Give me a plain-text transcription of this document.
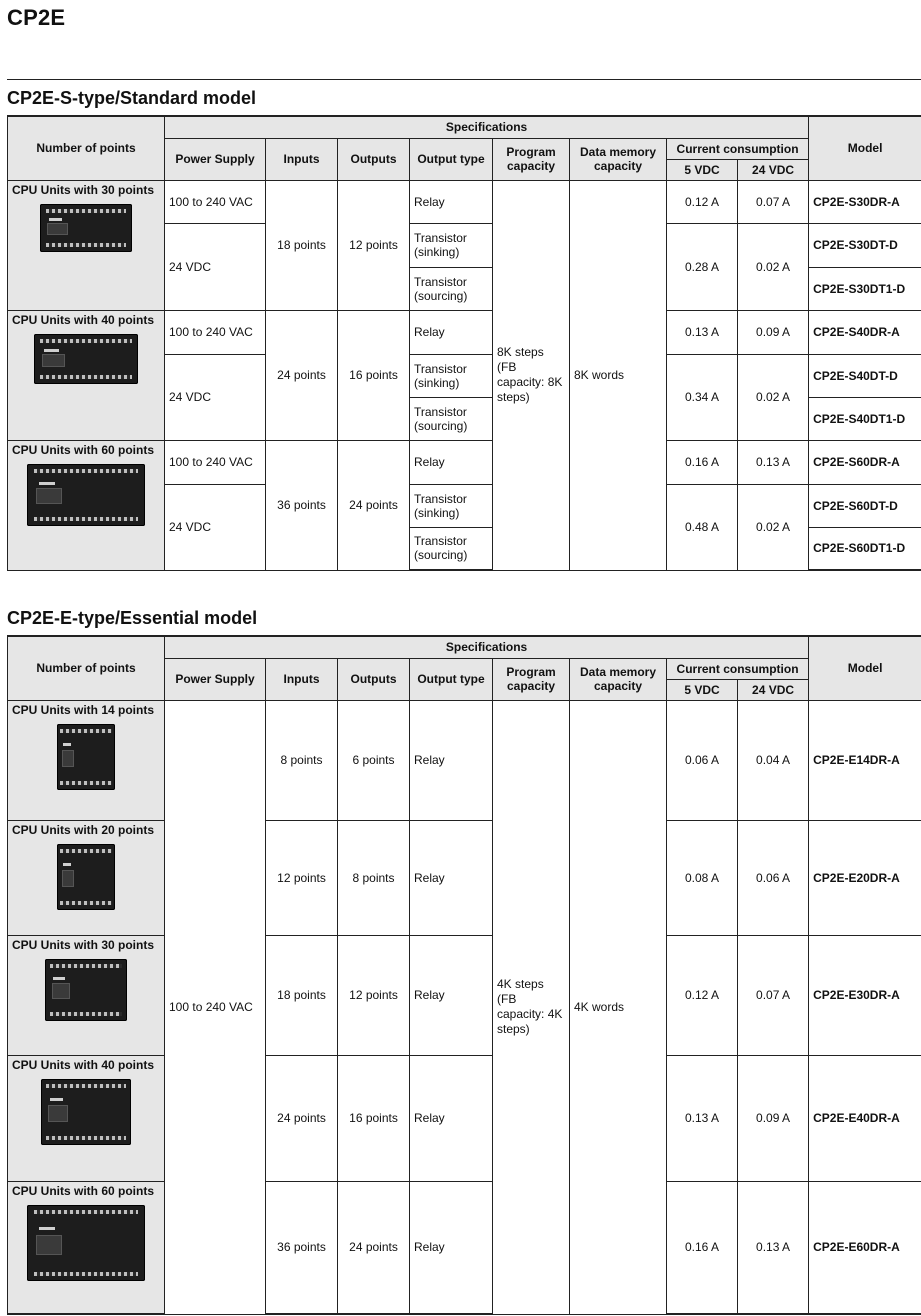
CP2E
CP2E-S-type/Standard model
Number of points	Specifications								Model
	Power Supply	Inputs	Outputs	Output type	Program capacity	Data memory capacity	Current consumption		
							5 VDC	24 VDC	

CPU Units with 30 points	100 to 240 VAC	18 points	12 points	Relay	8K steps (FB capacity: 8K steps)	8K words	0.12 A	0.07 A	CP2E-S30DR-A
	24 VDC			Transistor (sinking)			0.28 A	0.02 A	CP2E-S30DT-D
				Transistor (sourcing)					CP2E-S30DT1-D

CPU Units with 40 points	100 to 240 VAC	24 points	16 points	Relay			0.13 A	0.09 A	CP2E-S40DR-A
	24 VDC			Transistor (sinking)			0.34 A	0.02 A	CP2E-S40DT-D
				Transistor (sourcing)					CP2E-S40DT1-D

CPU Units with 60 points	100 to 240 VAC	36 points	24 points	Relay			0.16 A	0.13 A	CP2E-S60DR-A
	24 VDC			Transistor (sinking)			0.48 A	0.02 A	CP2E-S60DT-D
				Transistor (sourcing)					CP2E-S60DT1-D
CP2E-E-type/Essential model
Number of points	Specifications								Model
	Power Supply	Inputs	Outputs	Output type	Program capacity	Data memory capacity	Current consumption		
							5 VDC	24 VDC	

CPU Units with 14 points	100 to 240 VAC	8 points	6 points	Relay	4K steps (FB capacity: 4K steps)	4K words	0.06 A	0.04 A	CP2E-E14DR-A

CPU Units with 20 points		12 points	8 points	Relay			0.08 A	0.06 A	CP2E-E20DR-A

CPU Units with 30 points		18 points	12 points	Relay			0.12 A	0.07 A	CP2E-E30DR-A

CPU Units with 40 points		24 points	16 points	Relay			0.13 A	0.09 A	CP2E-E40DR-A

CPU Units with 60 points		36 points	24 points	Relay			0.16 A	0.13 A	CP2E-E60DR-A
